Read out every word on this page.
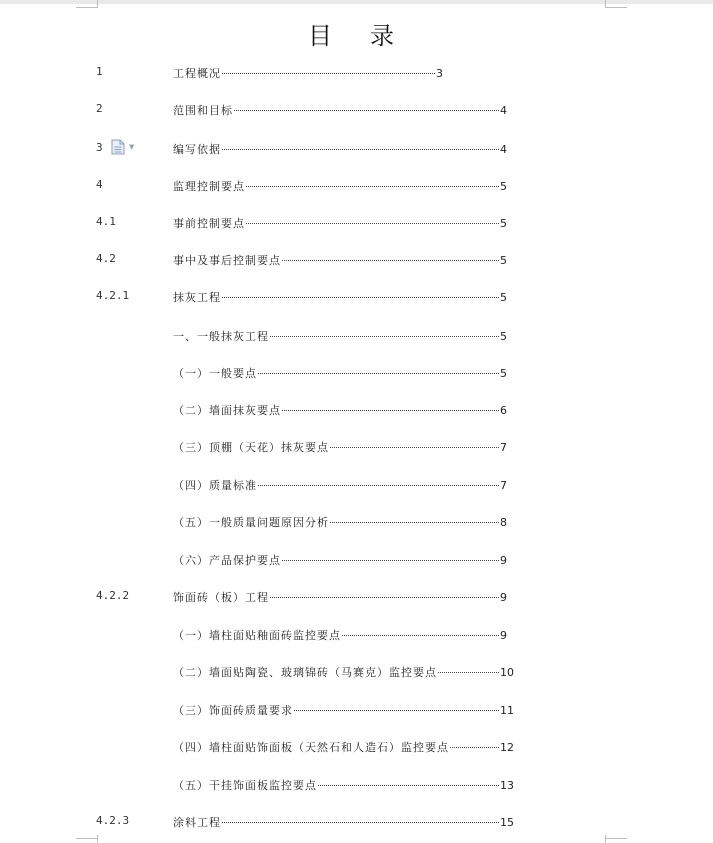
目录
1	工程概况	3
2	范围和目标	4
3	编写依据	4
4	监理控制要点	5
4.1	事前控制要点	5
4.2	事中及事后控制要点	5
4.2.1	抹灰工程	5
一、一般抹灰工程	5
（一）一般要点	5
（二）墙面抹灰要点	6
（三）顶棚（天花）抹灰要点	7
（四）质量标准	7
（五）一般质量问题原因分析	8
（六）产品保护要点	9
4.2.2	饰面砖（板）工程	9
（一）墙柱面贴釉面砖监控要点	9
（二）墙面贴陶瓷、玻璃锦砖（马赛克）监控要点	10
（三）饰面砖质量要求	11
（四）墙柱面贴饰面板（天然石和人造石）监控要点	12
（五）干挂饰面板监控要点	13
4.2.3	涂料工程	15
▼
